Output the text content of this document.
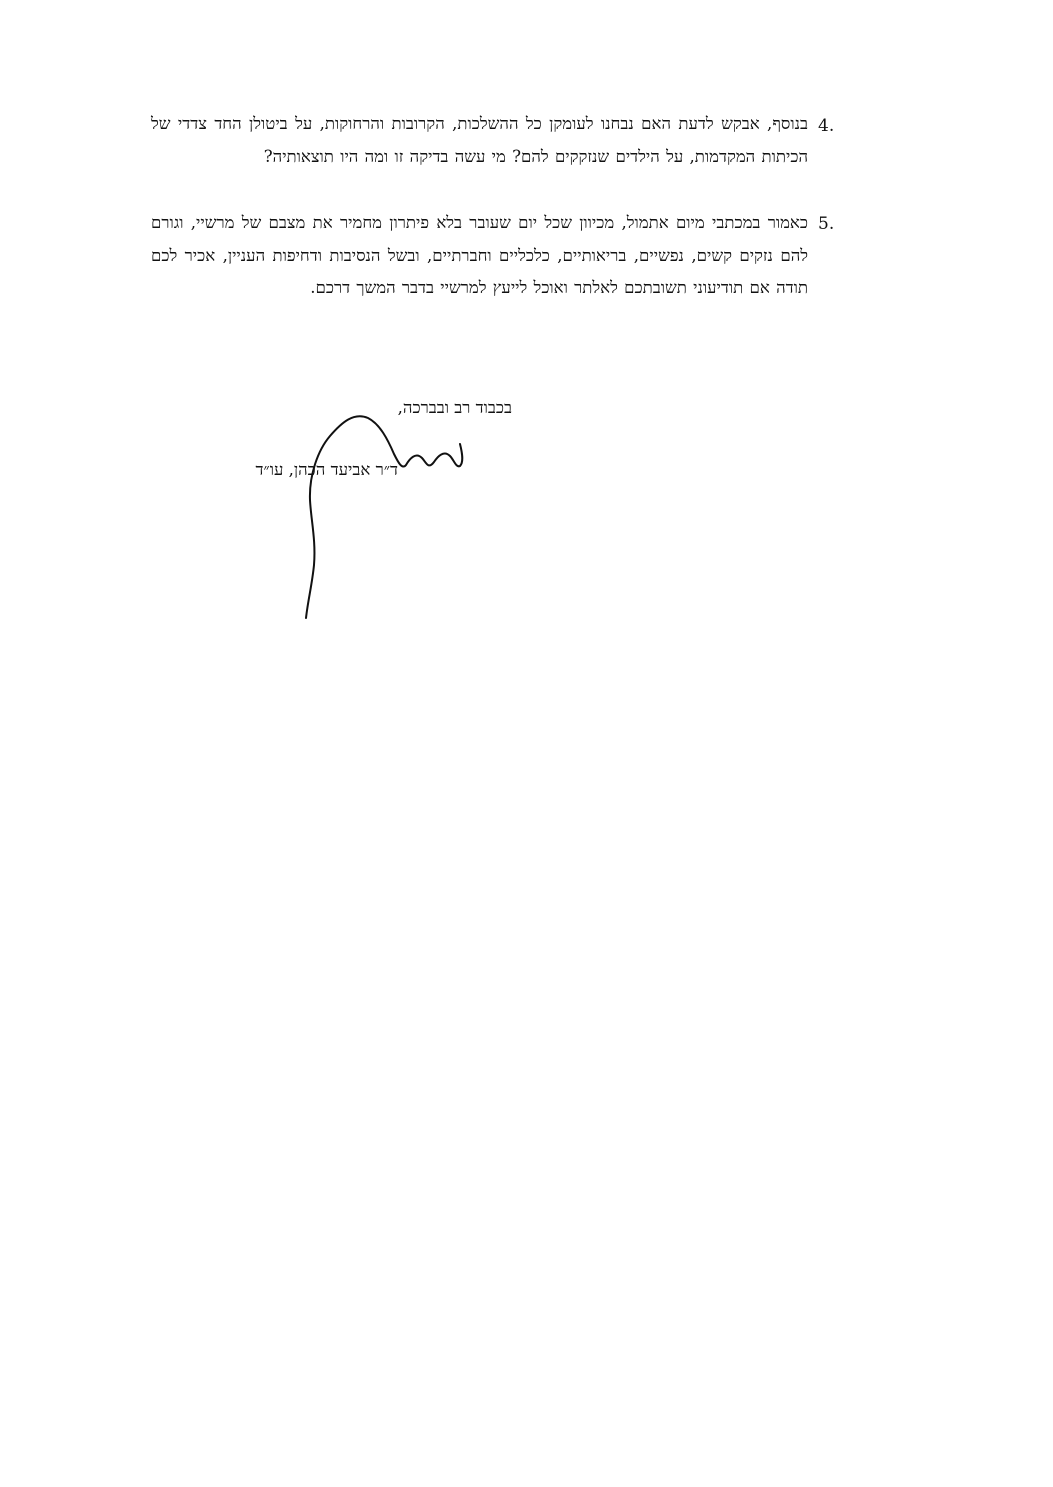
4.
בנוסף, אבקש לדעת האם נבחנו לעומקן כל ההשלכות, הקרובות והרחוקות, על ביטולן החד צדדי של הכיתות המקדמות, על הילדים שנזקקים להם? מי עשה בדיקה זו ומה היו תוצאותיה?
5.
כאמור במכתבי מיום אתמול, מכיוון שכל יום שעובר בלא פיתרון מחמיר את מצבם של מרשיי, וגורם להם נזקים קשים, נפשיים, בריאותיים, כלכליים וחברתיים, ובשל הנסיבות ודחיפות העניין, אכיר לכם תודה אם תודיעוני תשובתכם לאלתר ואוכל לייעץ למרשיי בדבר המשך דרכם.
בכבוד רב ובברכה,
ד״ר אביעד הכהן, עו״ד
